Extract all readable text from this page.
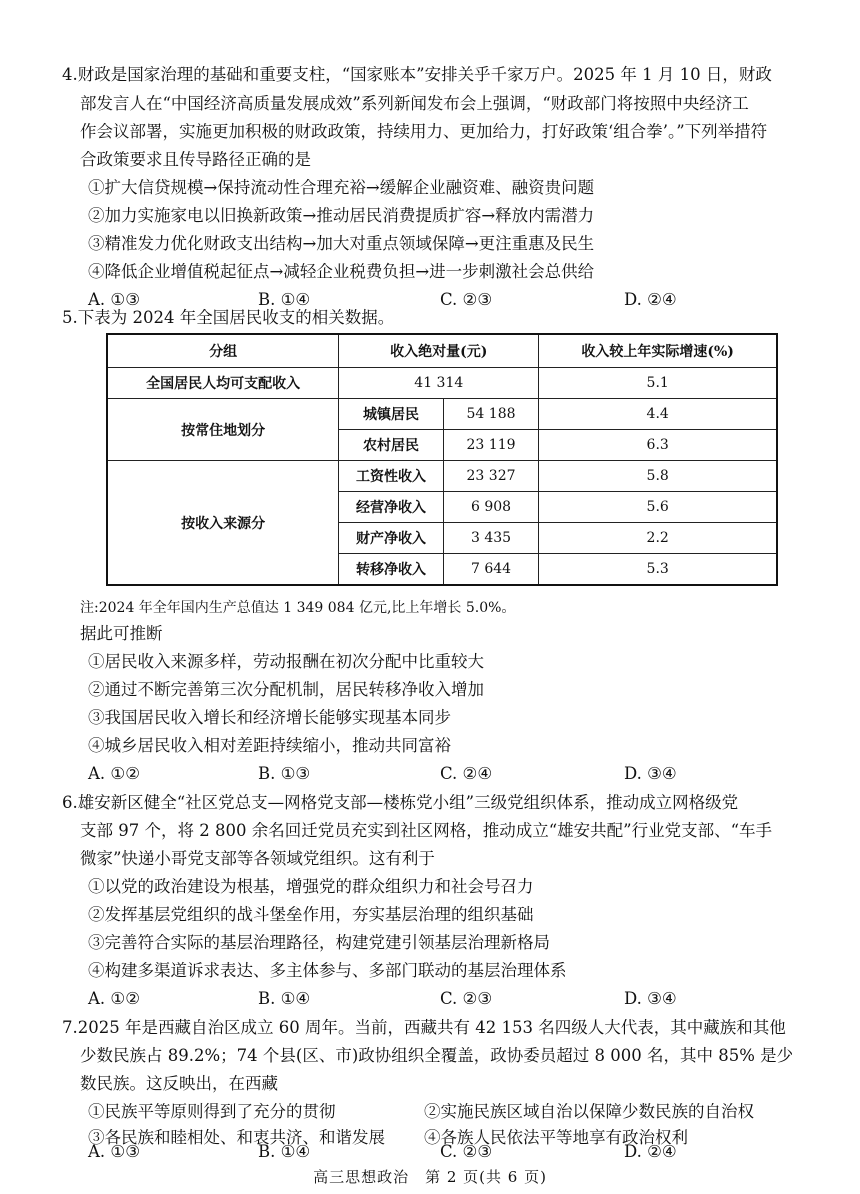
4.财政是国家治理的基础和重要支柱，“国家账本”安排关乎千家万户。2025 年 1 月 10 日，财政
部发言人在“中国经济高质量发展成效”系列新闻发布会上强调，“财政部门将按照中央经济工
作会议部署，实施更加积极的财政政策，持续用力、更加给力，打好政策‘组合拳’。”下列举措符
合政策要求且传导路径正确的是
①扩大信贷规模→保持流动性合理充裕→缓解企业融资难、融资贵问题
②加力实施家电以旧换新政策→推动居民消费提质扩容→释放内需潜力
③精准发力优化财政支出结构→加大对重点领域保障→更注重惠及民生
④降低企业增值税起征点→减轻企业税费负担→进一步刺激社会总供给
A. ①③	B. ①④	C. ②③	D. ②④
5.下表为 2024 年全国居民收支的相关数据。
分组	收入绝对量(元)		收入较上年实际增速(%)
全国居民人均可支配收入	41 314		5.1
按常住地划分	城镇居民	54 188	4.4
	农村居民	23 119	6.3
按收入来源分	工资性收入	23 327	5.8
	经营净收入	6 908	5.6
	财产净收入	3 435	2.2
	转移净收入	7 644	5.3
注:2024 年全年国内生产总值达 1 349 084 亿元,比上年增长 5.0%。
据此可推断
①居民收入来源多样，劳动报酬在初次分配中比重较大
②通过不断完善第三次分配机制，居民转移净收入增加
③我国居民收入增长和经济增长能够实现基本同步
④城乡居民收入相对差距持续缩小，推动共同富裕
A. ①②	B. ①③	C. ②④	D. ③④
6.雄安新区健全“社区党总支—网格党支部—楼栋党小组”三级党组织体系，推动成立网格级党
支部 97 个，将 2 800 余名回迁党员充实到社区网格，推动成立“雄安共配”行业党支部、“车手
微家”快递小哥党支部等各领域党组织。这有利于
①以党的政治建设为根基，增强党的群众组织力和社会号召力
②发挥基层党组织的战斗堡垒作用，夯实基层治理的组织基础
③完善符合实际的基层治理路径，构建党建引领基层治理新格局
④构建多渠道诉求表达、多主体参与、多部门联动的基层治理体系
A. ①②	B. ①④	C. ②③	D. ③④
7.2025 年是西藏自治区成立 60 周年。当前，西藏共有 42 153 名四级人大代表，其中藏族和其他
少数民族占 89.2%；74 个县(区、市)政协组织全覆盖，政协委员超过 8 000 名，其中 85% 是少
数民族。这反映出，在西藏
①民族平等原则得到了充分的贯彻	②实施民族区域自治以保障少数民族的自治权
③各民族和睦相处、和衷共济、和谐发展 ④各族人民依法平等地享有政治权利
A. ①③	B. ①④	C. ②③	D. ②④
高三思想政治　第 2 页(共 6 页)
